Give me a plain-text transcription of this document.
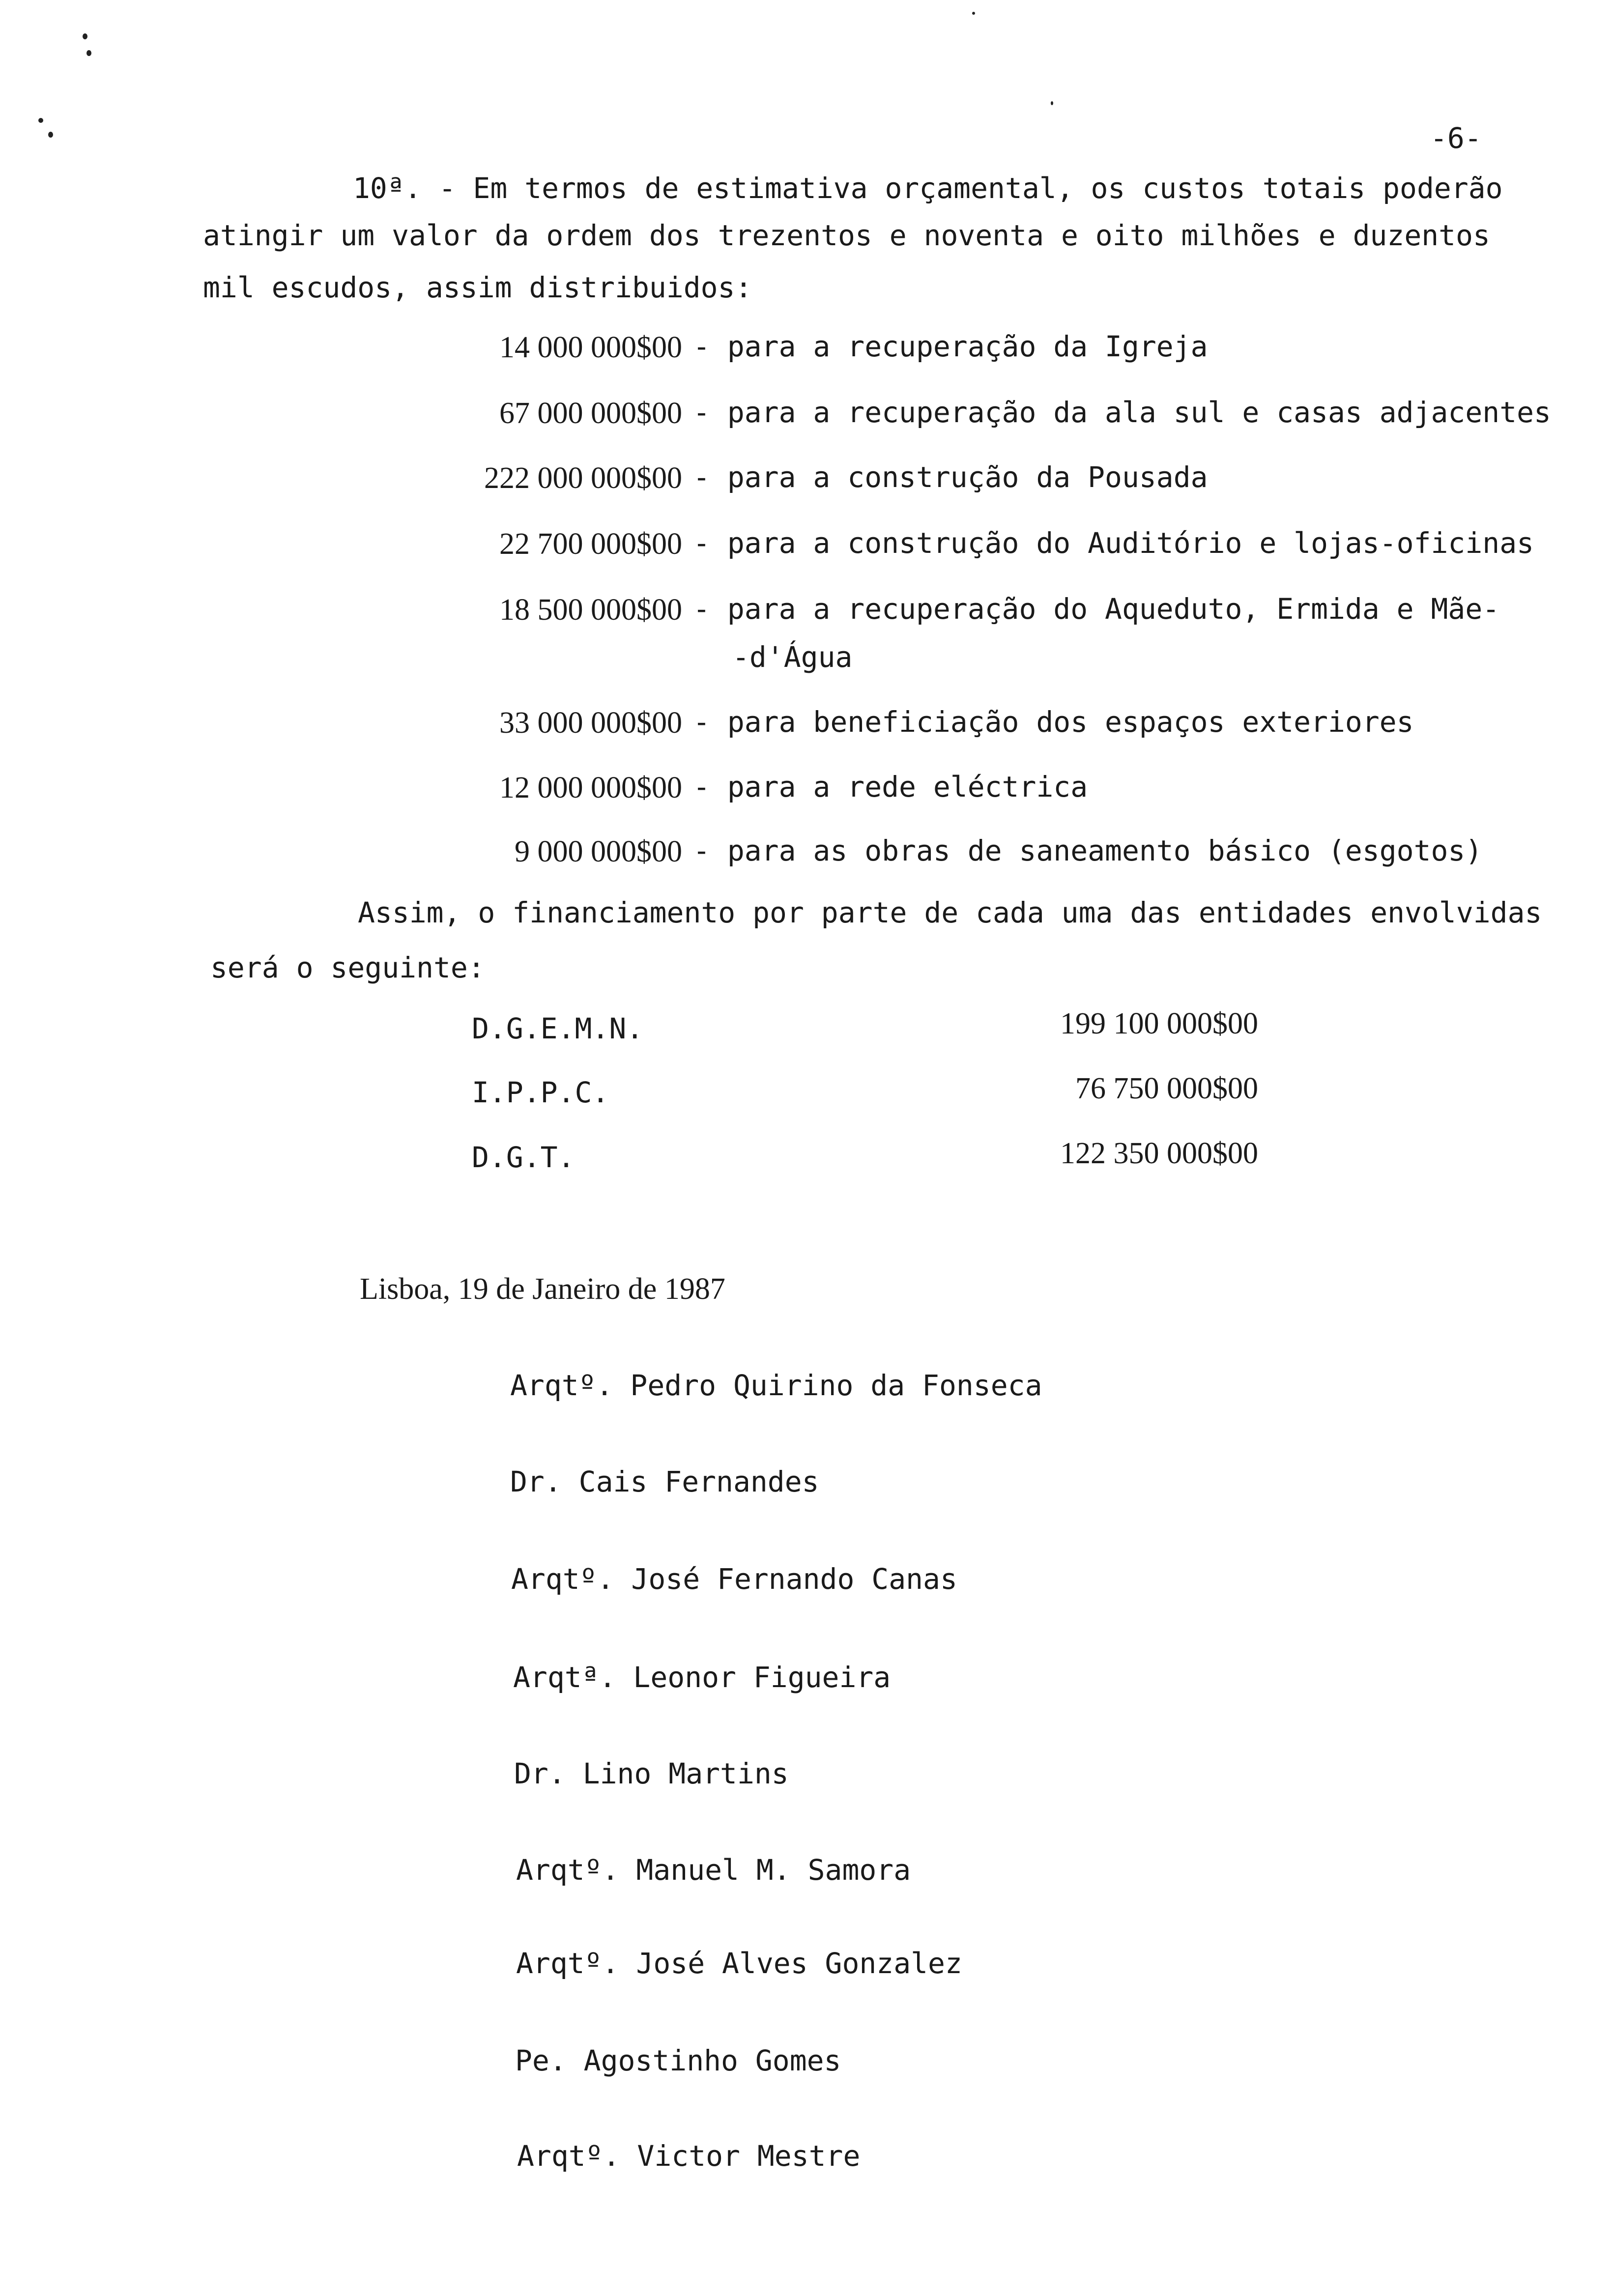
-6-
10ª. - Em termos de estimativa orçamental, os custos totais poderão
atingir um valor da ordem dos trezentos e noventa e oito milhões e duzentos
mil escudos, assim distribuidos:
14 000 000$00 - para a recuperação da Igreja
67 000 000$00 - para a recuperação da ala sul e casas adjacentes
222 000 000$00 - para a construção da Pousada
22 700 000$00 - para a construção do Auditório e lojas-oficinas
18 500 000$00 - para a recuperação do Aqueduto, Ermida e Mãe-
-d'Água
33 000 000$00 - para beneficiação dos espaços exteriores
12 000 000$00 - para a rede eléctrica
9 000 000$00 - para as obras de saneamento básico (esgotos)
Assim, o financiamento por parte de cada uma das entidades envolvidas
será o seguinte:
D.G.E.M.N.	199 100 000$00
I.P.P.C.	76 750 000$00
D.G.T.	122 350 000$00
Lisboa, 19 de Janeiro de 1987
Arqtº. Pedro Quirino da Fonseca
Dr. Cais Fernandes
Arqtº. José Fernando Canas
Arqtª. Leonor Figueira
Dr. Lino Martins
Arqtº. Manuel M. Samora
Arqtº. José Alves Gonzalez
Pe. Agostinho Gomes
Arqtº. Victor Mestre
